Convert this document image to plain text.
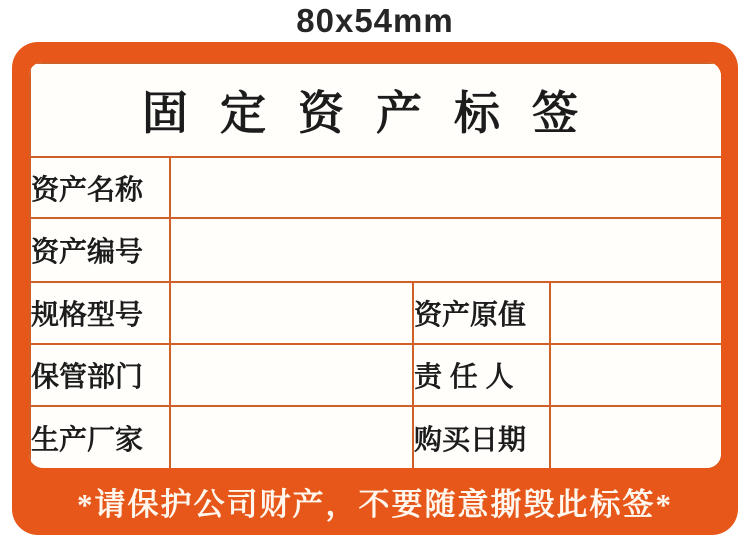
80x54mm
固定资产标签			
资产名称			
资产编号			
规格型号		资产原值	
保管部门		责 任 人	
生产厂家		购买日期	
*请保护公司财产，不要随意撕毁此标签*
